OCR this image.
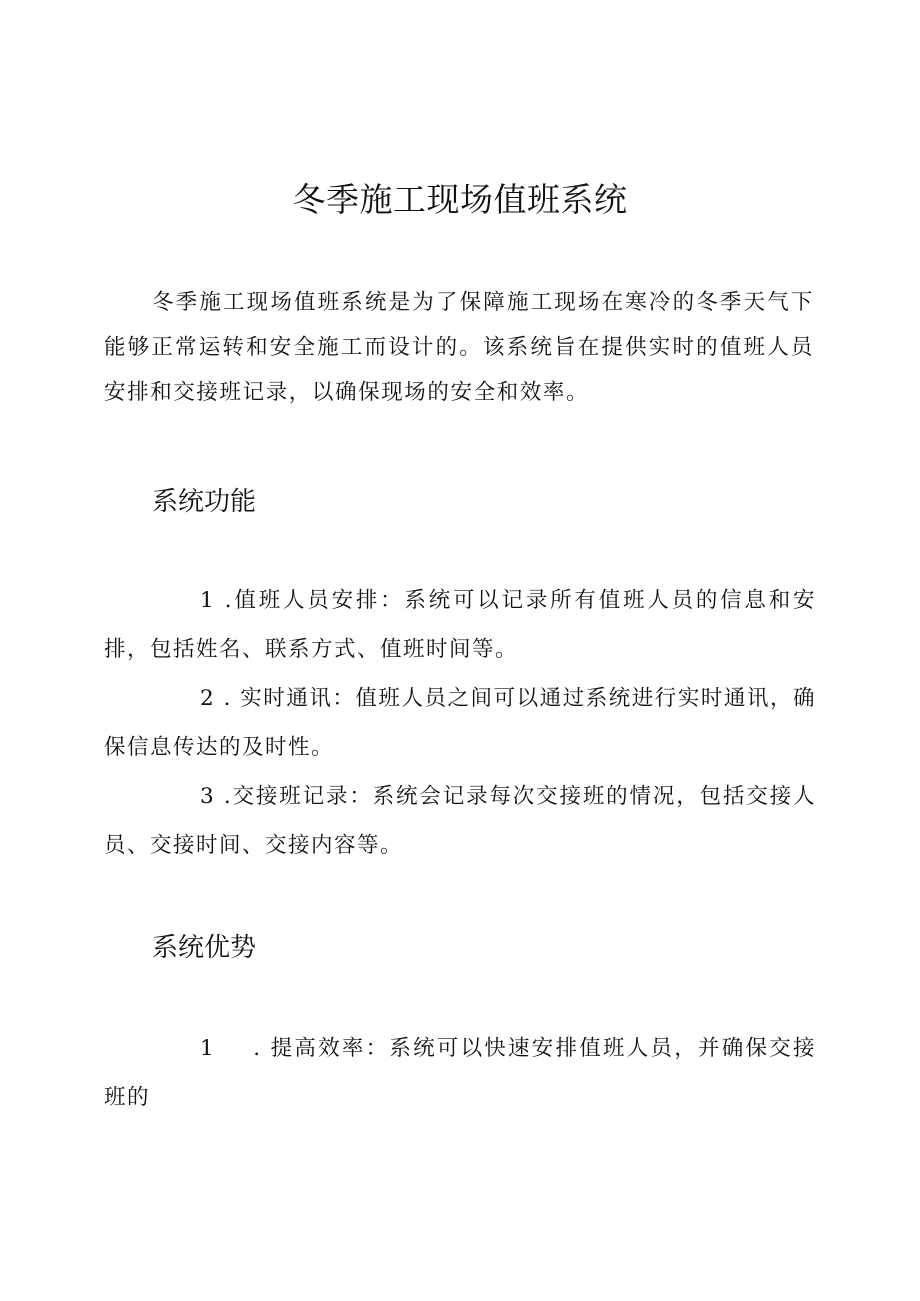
冬季施工现场值班系统

冬季施工现场值班系统是为了保障施工现场在寒冷的冬季天气下能够正常运转和安全施工而设计的。该系统旨在提供实时的值班人员安排和交接班记录，以确保现场的安全和效率。

系统功能

1 .值班人员安排：系统可以记录所有值班人员的信息和安排，包括姓名、联系方式、值班时间等。

2 . 实时通讯：值班人员之间可以通过系统进行实时通讯，确保信息传达的及时性。

3 .交接班记录：系统会记录每次交接班的情况，包括交接人员、交接时间、交接内容等。

系统优势

1 . 提高效率：系统可以快速安排值班人员，并确保交接班的
